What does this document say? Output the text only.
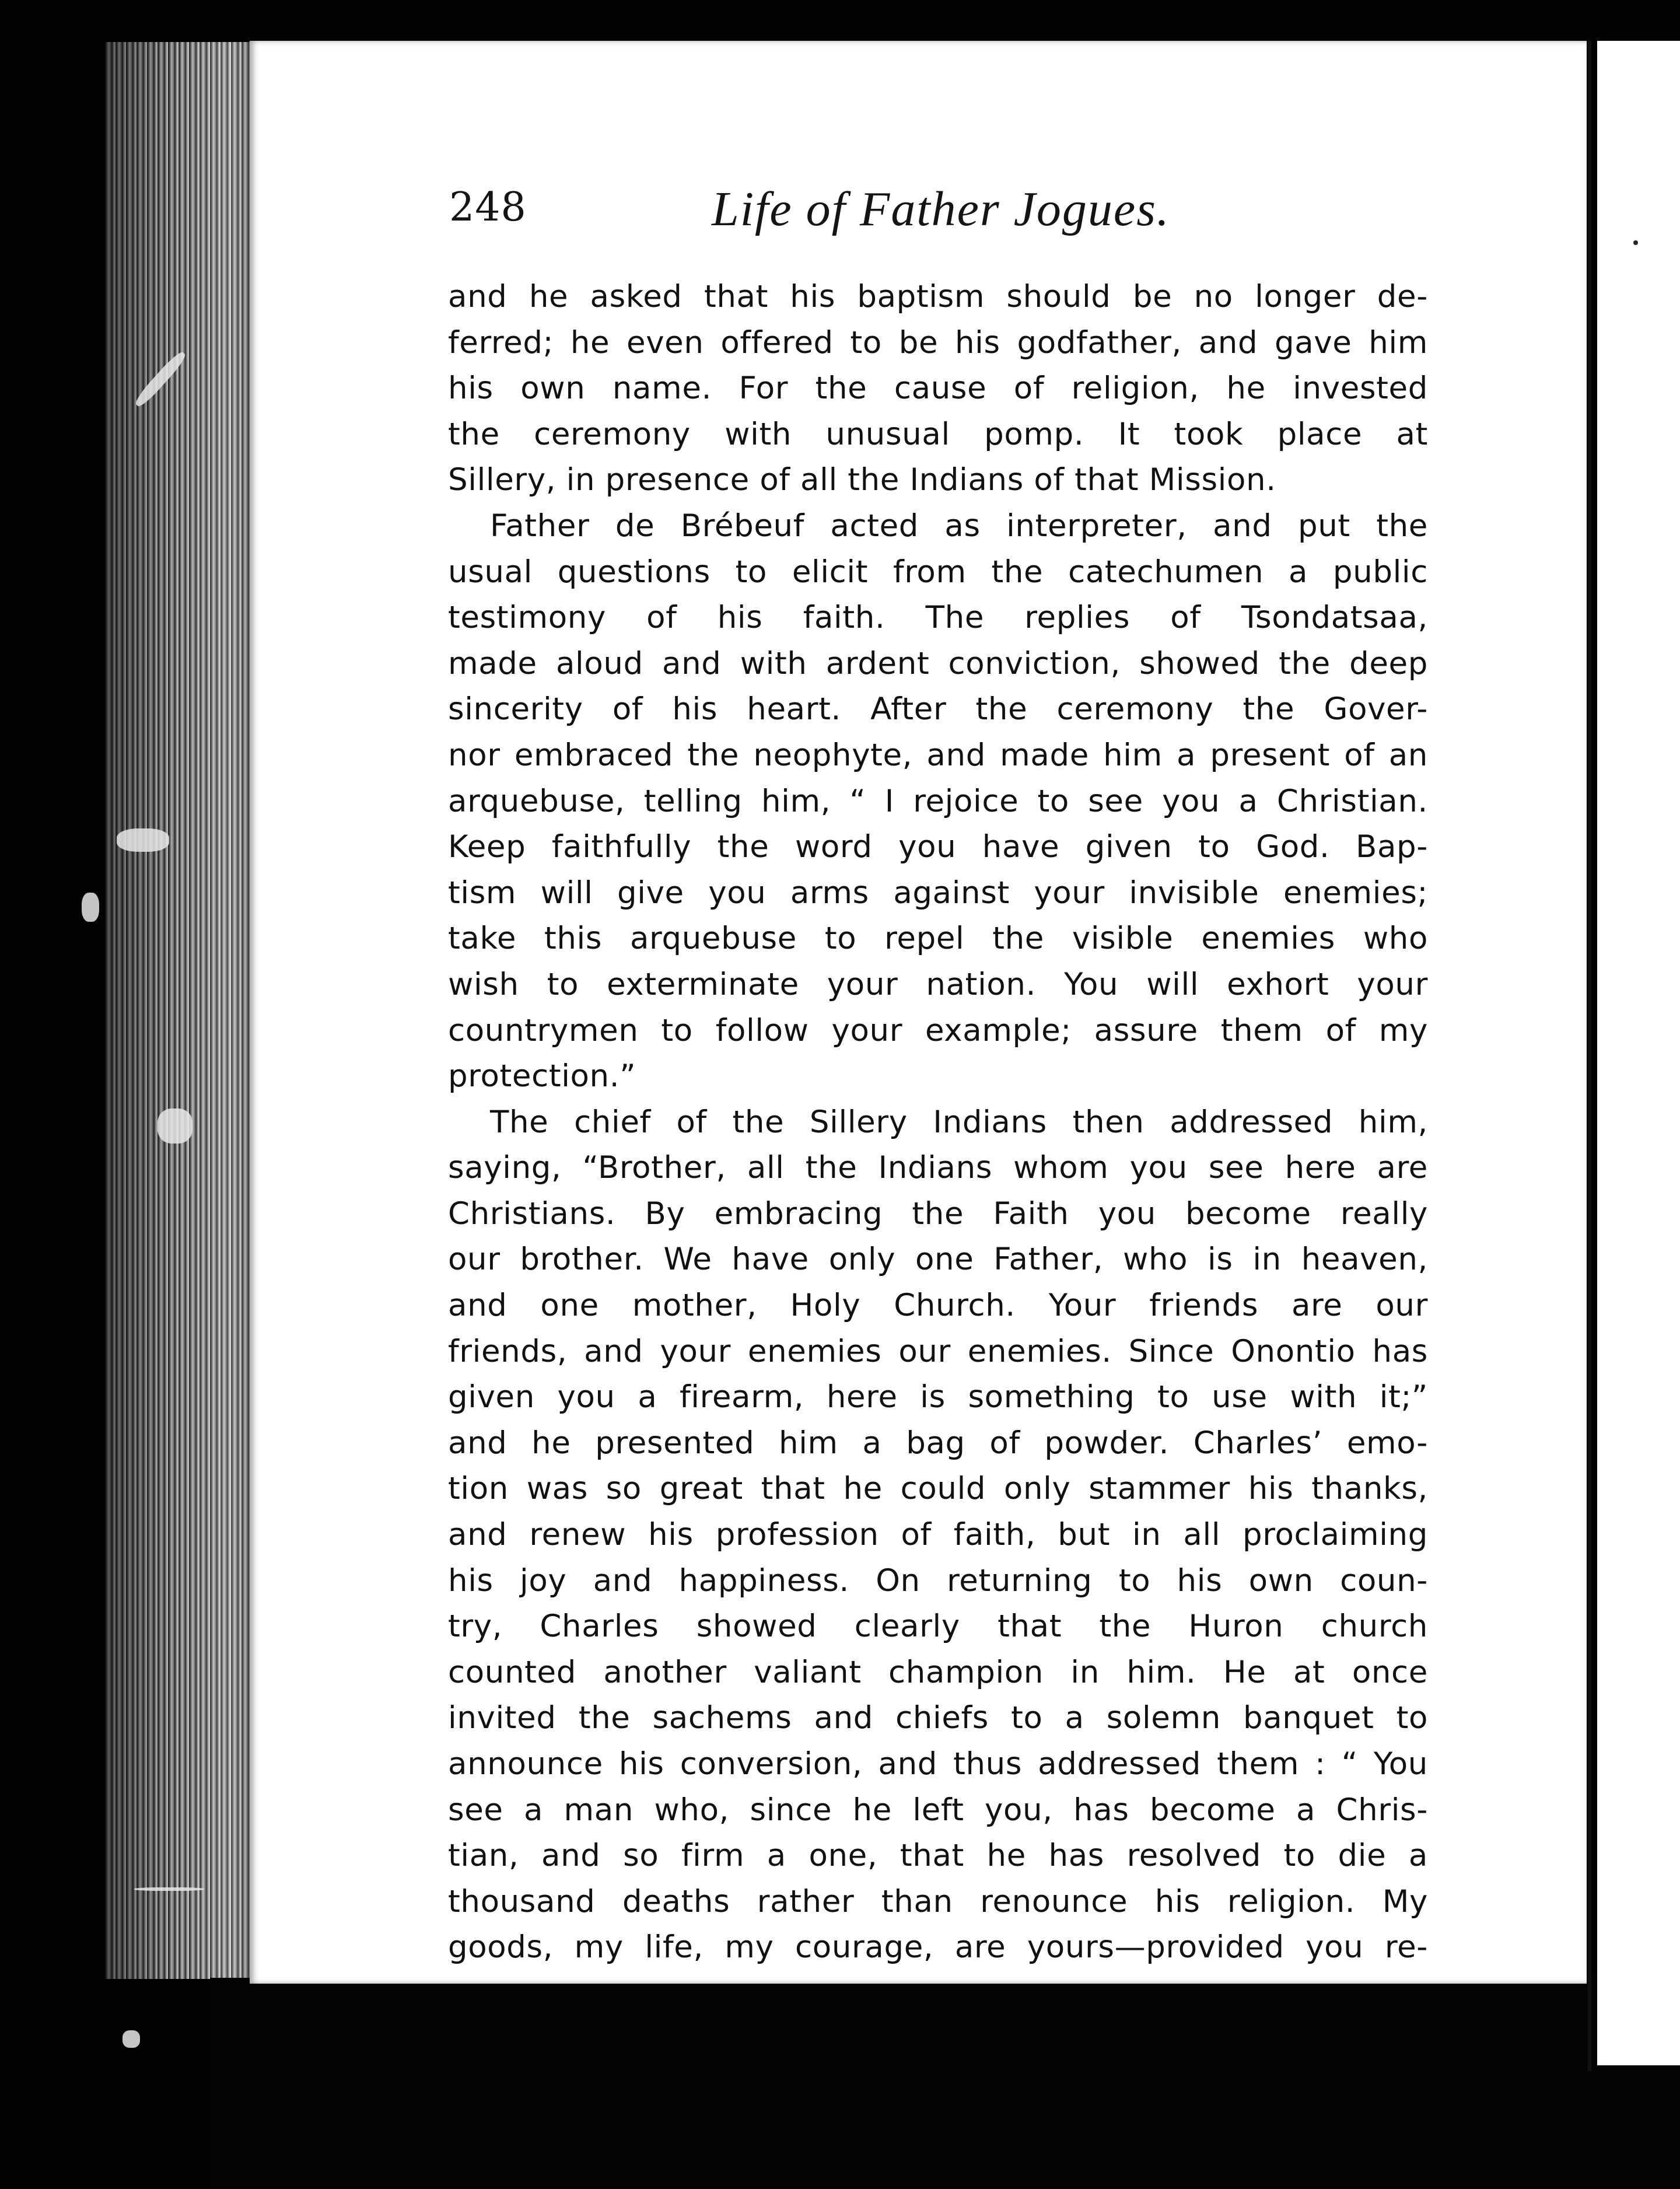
248	Life of Father Jogues.
and he asked that his baptism should be no longer de-
ferred; he even offered to be his godfather, and gave him
his own name. For the cause of religion, he invested
the ceremony with unusual pomp. It took place at
Sillery, in presence of all the Indians of that Mission.
Father de Brébeuf acted as interpreter, and put the
usual questions to elicit from the catechumen a public
testimony of his faith. The replies of Tsondatsaa,
made aloud and with ardent conviction, showed the deep
sincerity of his heart. After the ceremony the Gover-
nor embraced the neophyte, and made him a present of an
arquebuse, telling him, “ I rejoice to see you a Christian.
Keep faithfully the word you have given to God. Bap-
tism will give you arms against your invisible enemies;
take this arquebuse to repel the visible enemies who
wish to exterminate your nation. You will exhort your
countrymen to follow your example; assure them of my
protection.”
The chief of the Sillery Indians then addressed him,
saying, “Brother, all the Indians whom you see here are
Christians. By embracing the Faith you become really
our brother. We have only one Father, who is in heaven,
and one mother, Holy Church. Your friends are our
friends, and your enemies our enemies. Since Onontio has
given you a firearm, here is something to use with it;”
and he presented him a bag of powder. Charles’ emo-
tion was so great that he could only stammer his thanks,
and renew his profession of faith, but in all proclaiming
his joy and happiness. On returning to his own coun-
try, Charles showed clearly that the Huron church
counted another valiant champion in him. He at once
invited the sachems and chiefs to a solemn banquet to
announce his conversion, and thus addressed them : “ You
see a man who, since he left you, has become a Chris-
tian, and so firm a one, that he has resolved to die a
thousand deaths rather than renounce his religion. My
goods, my life, my courage, are yours—provided you re-
